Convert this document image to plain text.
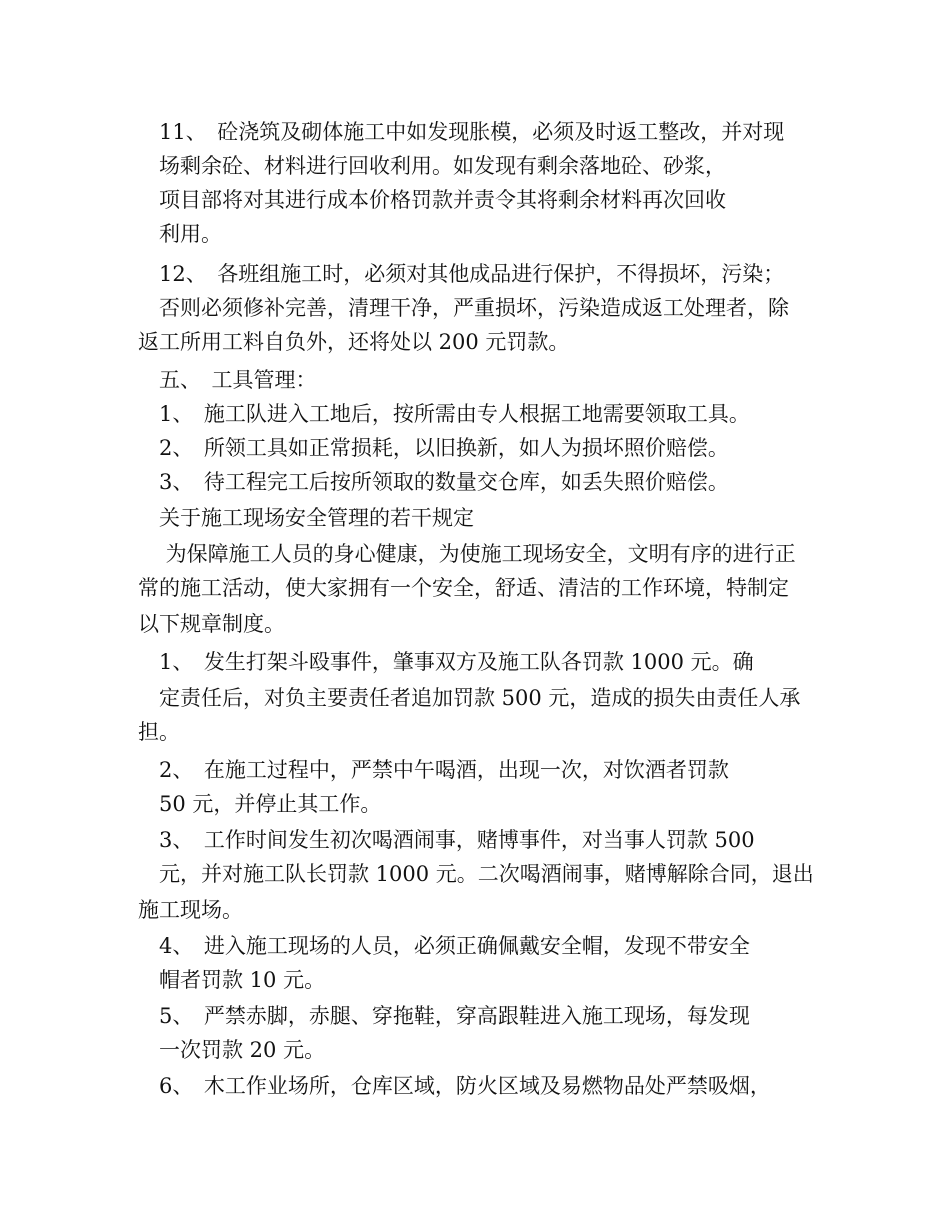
　11、　砼浇筑及砌体施工中如发现胀模，必须及时返工整改，并对现
　场剩余砼、材料进行回收利用。如发现有剩余落地砼、砂浆，
　项目部将对其进行成本价格罚款并责令其将剩余材料再次回收
　利用。
　12、　各班组施工时，必须对其他成品进行保护，不得损坏，污染；
　否则必须修补完善，清理干净，严重损坏，污染造成返工处理者，除
返工所用工料自负外，还将处以 200 元罚款。
　五、　工具管理：
　1、　施工队进入工地后，按所需由专人根据工地需要领取工具。
　2、　所领工具如正常损耗，以旧换新，如人为损坏照价赔偿。
　3、　待工程完工后按所领取的数量交仓库，如丢失照价赔偿。
　关于施工现场安全管理的若干规定
　 为保障施工人员的身心健康，为使施工现场安全，文明有序的进行正
常的施工活动，使大家拥有一个安全，舒适、清洁的工作环境，特制定
以下规章制度。
　1、　发生打架斗殴事件，肇事双方及施工队各罚款 1000 元。确
　定责任后，对负主要责任者追加罚款 500 元，造成的损失由责任人承
担。
　2、　在施工过程中，严禁中午喝酒，出现一次，对饮酒者罚款
　50 元，并停止其工作。
　3、　工作时间发生初次喝酒闹事，赌博事件，对当事人罚款 500
　元，并对施工队长罚款 1000 元。二次喝酒闹事，赌博解除合同，退出
施工现场。
　4、　进入施工现场的人员，必须正确佩戴安全帽，发现不带安全
　帽者罚款 10 元。
　5、　严禁赤脚，赤腿、穿拖鞋，穿高跟鞋进入施工现场，每发现
　一次罚款 20 元。
　6、　木工作业场所，仓库区域，防火区域及易燃物品处严禁吸烟，
